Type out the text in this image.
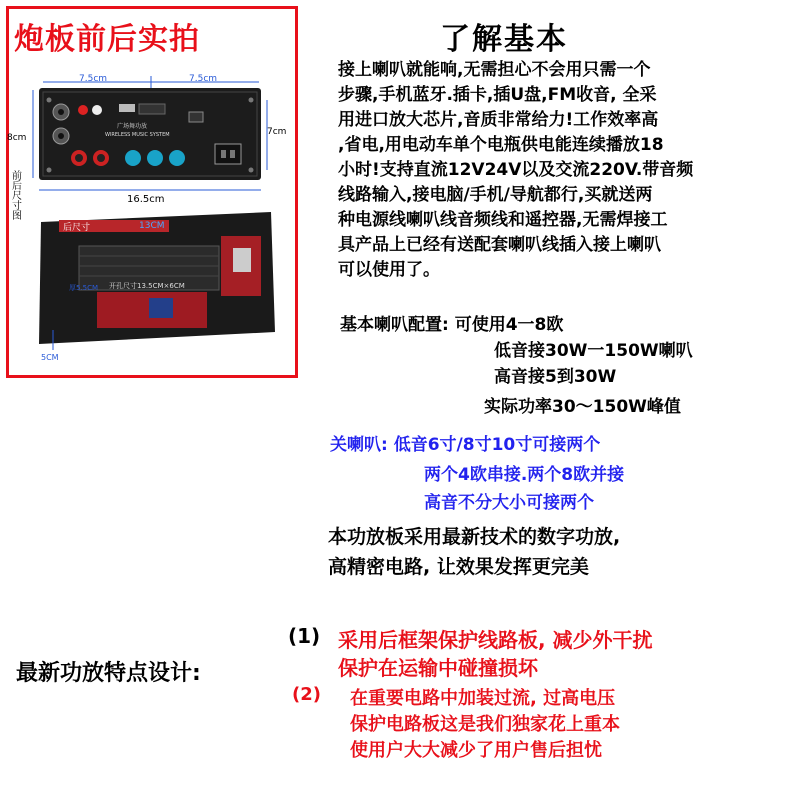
炮板前后实拍
7.5cm	7.5cm
8cm
7cm
广场舞功放
WIRELESS MUSIC SYSTEM
16.5cm
前后尺寸图
后尺寸	13CM
开孔尺寸13.5CM×6CM
厚5.5CM
5CM
了解基本
接上喇叭就能响,无需担心不会用只需一个
步骤,手机蓝牙.插卡,插U盘,FM收音, 全采
用进口放大芯片,音质非常给力!工作效率高
,省电,用电动车单个电瓶供电能连续播放18
小时!支持直流12V24V以及交流220V.带音频
线路输入,接电脑/手机/导航都行,买就送两
种电源线喇叭线音频线和遥控器,无需焊接工
具产品上已经有送配套喇叭线插入接上喇叭
可以使用了。
基本喇叭配置: 可使用4一8欧
低音接30W一150W喇叭
高音接5到30W
实际功率30～150W峰值
关喇叭: 低音6寸/8寸10寸可接两个
两个4欧串接.两个8欧并接
高音不分大小可接两个
本功放板采用最新技术的数字功放,
高精密电路, 让效果发挥更完美
最新功放特点设计:
(1) 采用后框架保护线路板, 减少外干扰
保护在运输中碰撞损坏
(2) 在重要电路中加装过流, 过高电压
保护电路板这是我们独家花上重本
使用户大大减少了用户售后担忧
